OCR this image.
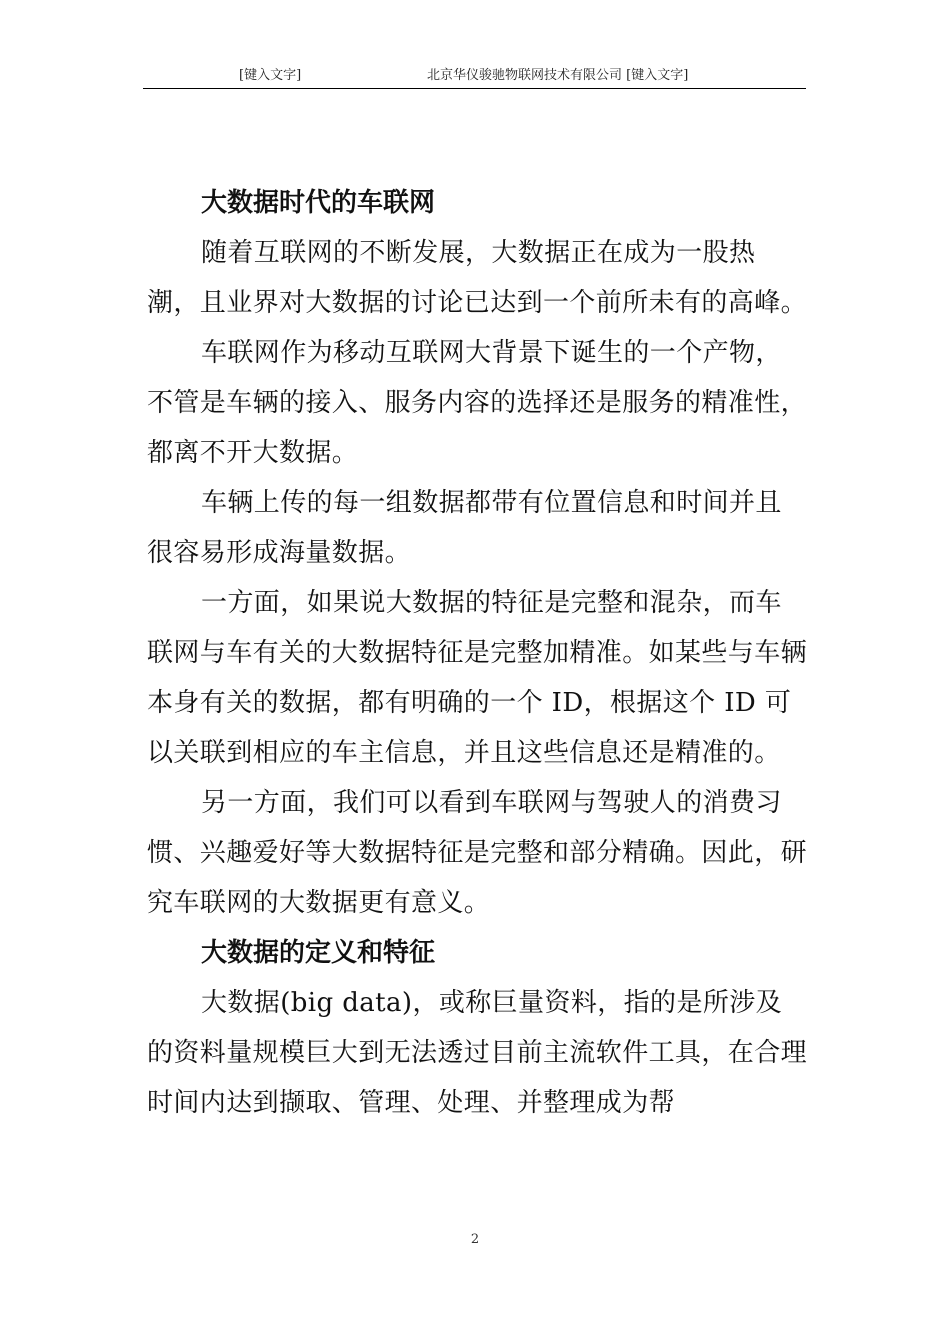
[键入文字]	北京华仪骏驰物联网技术有限公司 [键入文字]

大数据时代的车联网

随着互联网的不断发展，大数据正在成为一股热潮，且业界对大数据的讨论已达到一个前所未有的高峰。

车联网作为移动互联网大背景下诞生的一个产物，不管是车辆的接入、服务内容的选择还是服务的精准性，都离不开大数据。

车辆上传的每一组数据都带有位置信息和时间并且很容易形成海量数据。

一方面，如果说大数据的特征是完整和混杂，而车联网与车有关的大数据特征是完整加精准。如某些与车辆本身有关的数据，都有明确的一个 ID，根据这个 ID 可以关联到相应的车主信息，并且这些信息还是精准的。

另一方面，我们可以看到车联网与驾驶人的消费习惯、兴趣爱好等大数据特征是完整和部分精确。因此，研究车联网的大数据更有意义。

大数据的定义和特征

大数据(big data)，或称巨量资料，指的是所涉及的资料量规模巨大到无法透过目前主流软件工具，在合理时间内达到撷取、管理、处理、并整理成为帮

2
